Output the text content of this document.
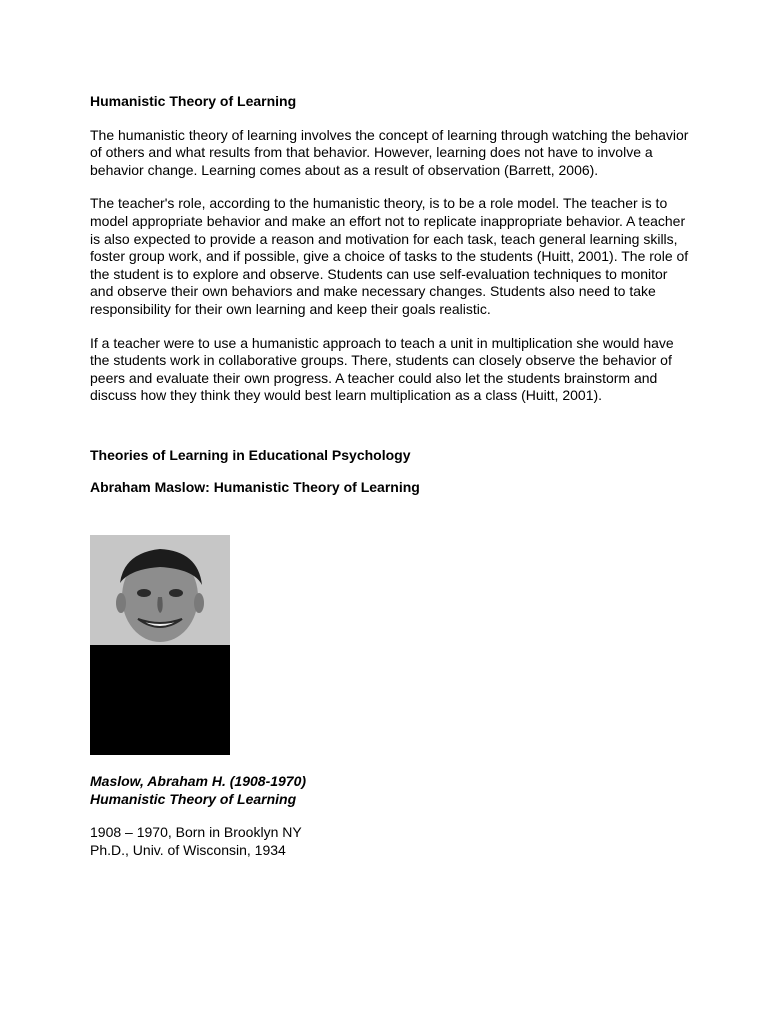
Humanistic Theory of Learning

The humanistic theory of learning involves the concept of learning through watching the behavior of others and what results from that behavior. However, learning does not have to involve a behavior change. Learning comes about as a result of observation (Barrett, 2006).

The teacher's role, according to the humanistic theory, is to be a role model. The teacher is to model appropriate behavior and make an effort not to replicate inappropriate behavior. A teacher is also expected to provide a reason and motivation for each task, teach general learning skills, foster group work, and if possible, give a choice of tasks to the students (Huitt, 2001). The role of the student is to explore and observe. Students can use self-evaluation techniques to monitor and observe their own behaviors and make necessary changes. Students also need to take responsibility for their own learning and keep their goals realistic.

If a teacher were to use a humanistic approach to teach a unit in multiplication she would have the students work in collaborative groups. There, students can closely observe the behavior of peers and evaluate their own progress. A teacher could also let the students brainstorm and discuss how they think they would best learn multiplication as a class (Huitt, 2001).

Theories of Learning in Educational Psychology

Abraham Maslow: Humanistic Theory of Learning

Maslow, Abraham H. (1908-1970)

Humanistic Theory of Learning

1908 – 1970, Born in Brooklyn NY

Ph.D., Univ. of Wisconsin, 1934
